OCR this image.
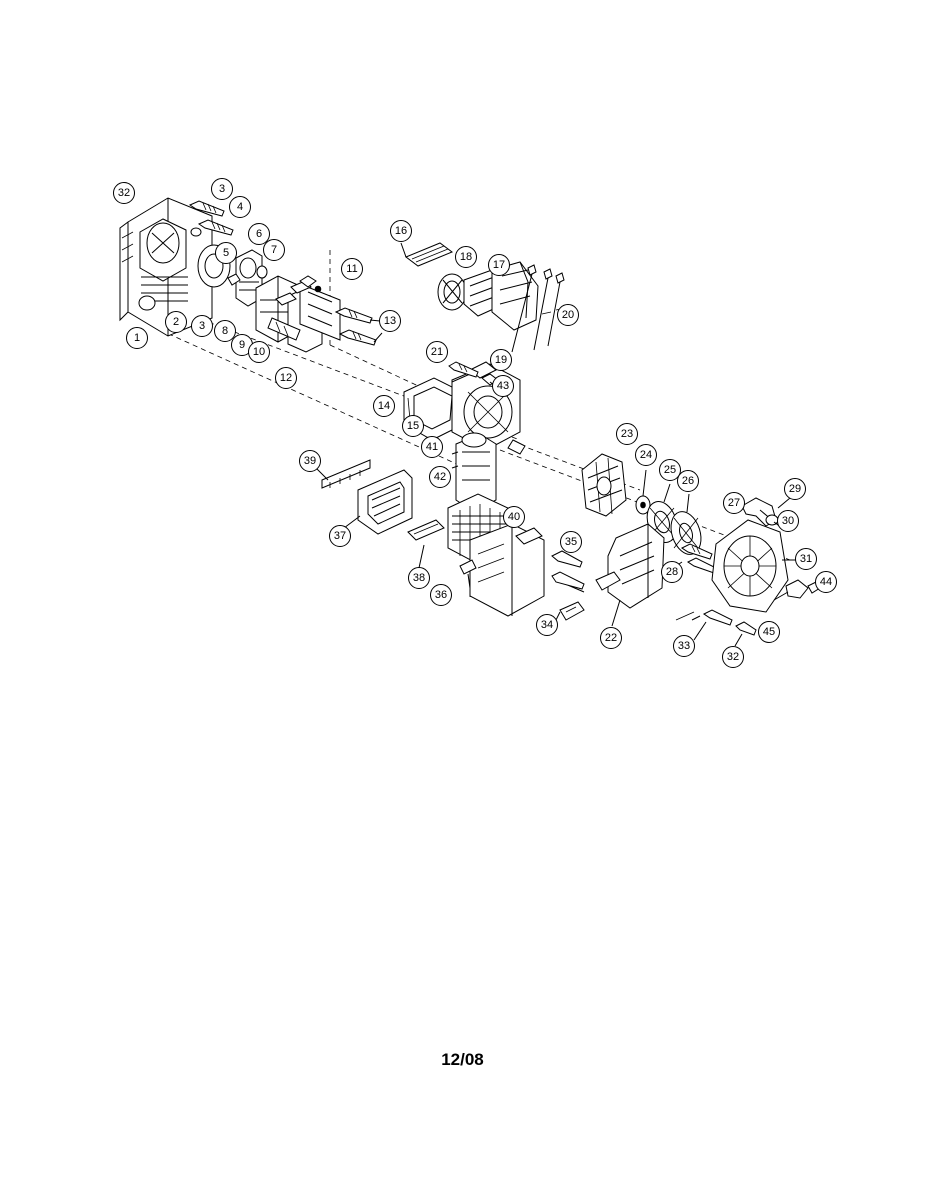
32	3
4
5
6
7
1
2	3	8
9
10
12
11
13
16
18
17
20
19
21
43
14
15
23
24
25
26
27
29
30
31
44
45
28
33
32
22
34
35
40
36
38
37
39
41
42
12/08
